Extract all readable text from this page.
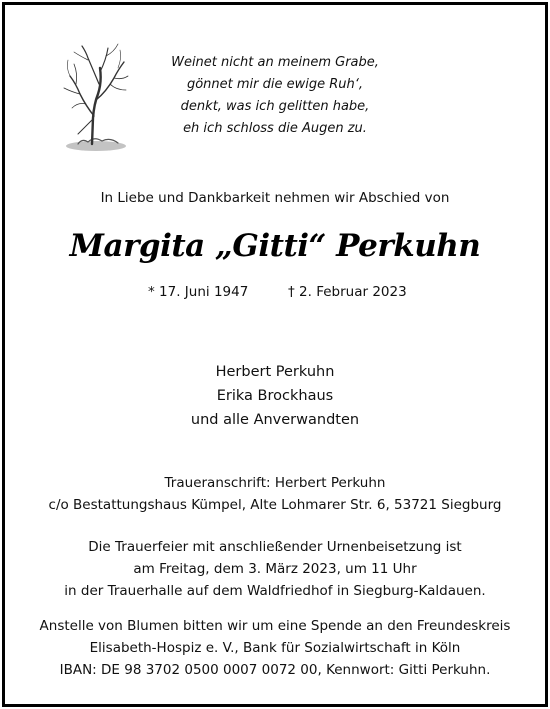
Weinet nicht an meinem Grabe,
gönnet mir die ewige Ruh‘,
denkt, was ich gelitten habe,
eh ich schloss die Augen zu.
In Liebe und Dankbarkeit nehmen wir Abschied von
Margita „Gitti“ Perkuhn
* 17. Juni 1947	† 2. Februar 2023
Herbert Perkuhn
Erika Brockhaus
und alle Anverwandten
Traueranschrift: Herbert Perkuhn
c/o Bestattungshaus Kümpel, Alte Lohmarer Str. 6, 53721 Siegburg
Die Trauerfeier mit anschließender Urnenbeisetzung ist
am Freitag, dem 3. März 2023, um 11 Uhr
in der Trauerhalle auf dem Waldfriedhof in Siegburg-Kaldauen.
Anstelle von Blumen bitten wir um eine Spende an den Freundeskreis
Elisabeth-Hospiz e. V., Bank für Sozialwirtschaft in Köln
IBAN: DE 98 3702 0500 0007 0072 00, Kennwort: Gitti Perkuhn.
